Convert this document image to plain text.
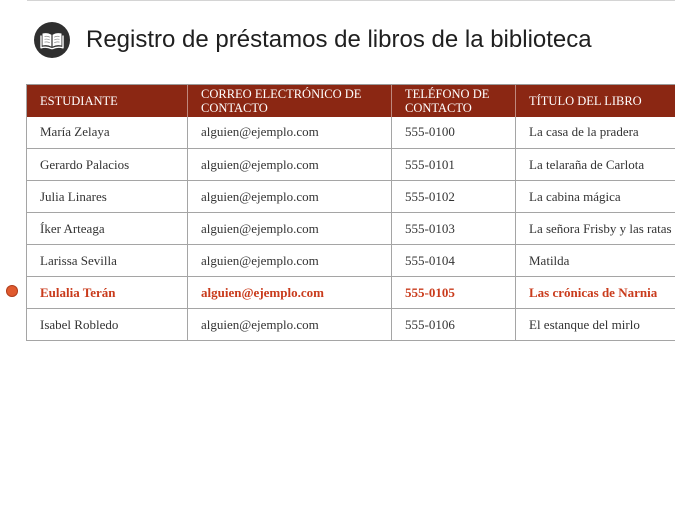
Registro de préstamos de libros de la biblioteca
ESTUDIANTE	CORREO ELECTRÓNICO DE CONTACTO	TELÉFONO DE CONTACTO	TÍTULO DEL LIBRO
María Zelaya	alguien@ejemplo.com	555-0100	La casa de la pradera
Gerardo Palacios	alguien@ejemplo.com	555-0101	La telaraña de Carlota
Julia Linares	alguien@ejemplo.com	555-0102	La cabina mágica
Íker Arteaga	alguien@ejemplo.com	555-0103	La señora Frisby y las ratas
Larissa Sevilla	alguien@ejemplo.com	555-0104	Matilda
Eulalia Terán	alguien@ejemplo.com	555-0105	Las crónicas de Narnia
Isabel Robledo	alguien@ejemplo.com	555-0106	El estanque del mirlo
